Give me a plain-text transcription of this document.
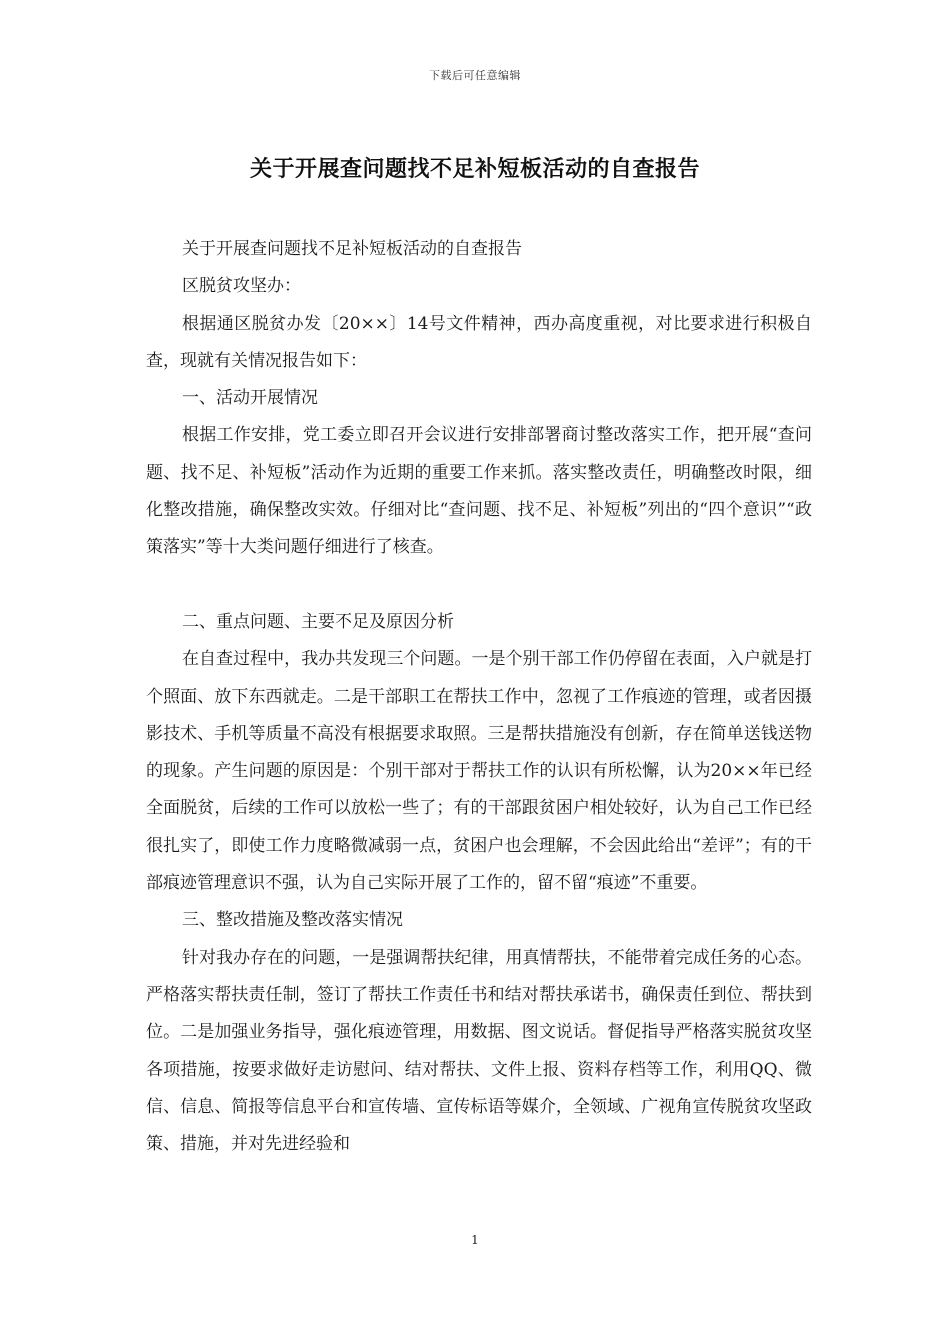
下载后可任意编辑
关于开展查问题找不足补短板活动的自查报告

关于开展查问题找不足补短板活动的自查报告

区脱贫攻坚办：

根据通区脱贫办发〔20××〕14号文件精神，西办高度重视，对比要求进行积极自查，现就有关情况报告如下：

一、活动开展情况

根据工作安排，党工委立即召开会议进行安排部署商讨整改落实工作，把开展“查问题、找不足、补短板”活动作为近期的重要工作来抓。落实整改责任，明确整改时限，细化整改措施，确保整改实效。仔细对比“查问题、找不足、补短板”列出的“四个意识”“政策落实”等十大类问题仔细进行了核查。

二、重点问题、主要不足及原因分析

在自查过程中，我办共发现三个问题。一是个别干部工作仍停留在表面，入户就是打个照面、放下东西就走。二是干部职工在帮扶工作中，忽视了工作痕迹的管理，或者因摄影技术、手机等质量不高没有根据要求取照。三是帮扶措施没有创新，存在简单送钱送物的现象。产生问题的原因是：个别干部对于帮扶工作的认识有所松懈，认为20××年已经全面脱贫，后续的工作可以放松一些了；有的干部跟贫困户相处较好，认为自己工作已经很扎实了，即使工作力度略微减弱一点，贫困户也会理解，不会因此给出“差评”；有的干部痕迹管理意识不强，认为自己实际开展了工作的，留不留“痕迹”不重要。

三、整改措施及整改落实情况

针对我办存在的问题，一是强调帮扶纪律，用真情帮扶，不能带着完成任务的心态。严格落实帮扶责任制，签订了帮扶工作责任书和结对帮扶承诺书，确保责任到位、帮扶到位。二是加强业务指导，强化痕迹管理，用数据、图文说话。督促指导严格落实脱贫攻坚各项措施，按要求做好走访慰问、结对帮扶、文件上报、资料存档等工作，利用QQ、微信、信息、简报等信息平台和宣传墙、宣传标语等媒介，全领域、广视角宣传脱贫攻坚政策、措施，并对先进经验和

1
